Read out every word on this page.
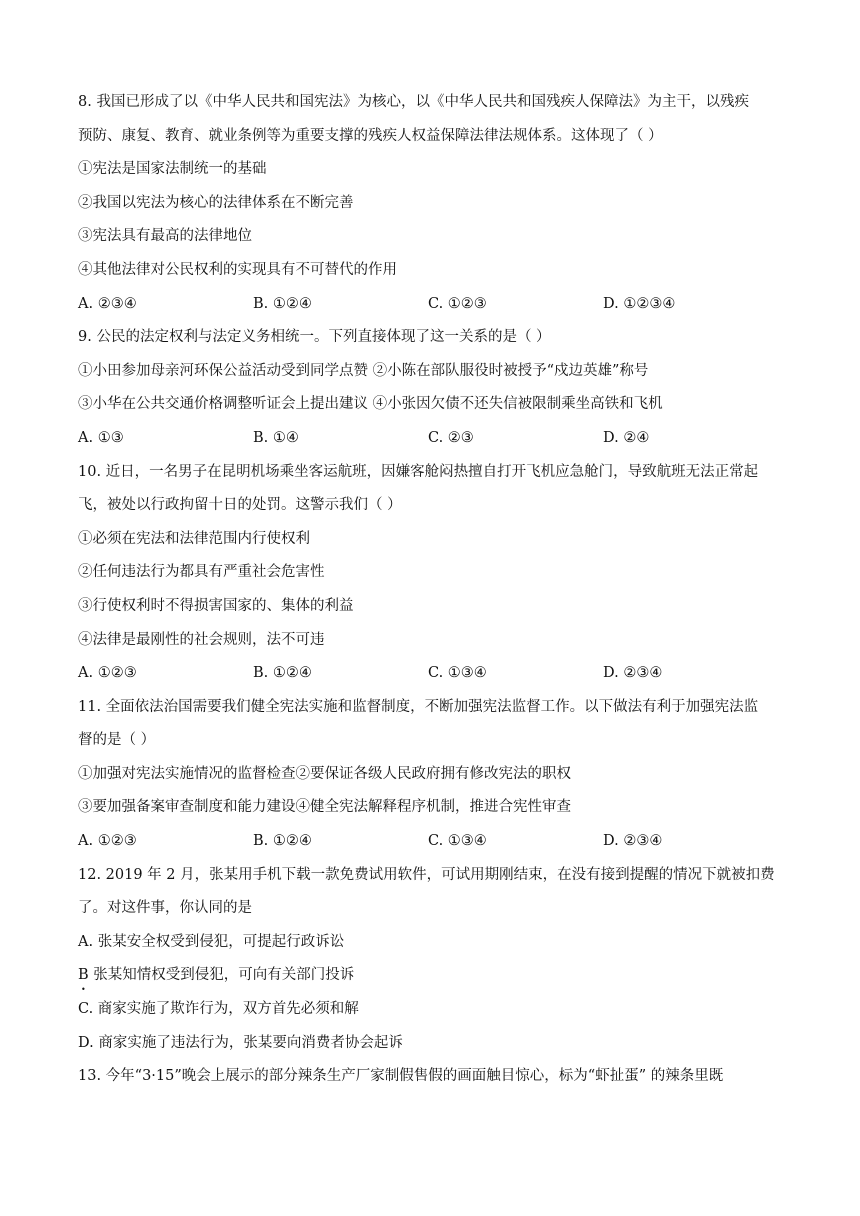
8. 我国已形成了以《中华人民共和国宪法》为核心，以《中华人民共和国残疾人保障法》为主干，以残疾
预防、康复、教育、就业条例等为重要支撑的残疾人权益保障法律法规体系。这体现了（ ）
①宪法是国家法制统一的基础
②我国以宪法为核心的法律体系在不断完善
③宪法具有最高的法律地位
④其他法律对公民权利的实现具有不可替代的作用
A. ②③④	B. ①②④	C. ①②③	D. ①②③④
9. 公民的法定权利与法定义务相统一。下列直接体现了这一关系的是（ ）
①小田参加母亲河环保公益活动受到同学点赞 ②小陈在部队服役时被授予“戍边英雄”称号
③小华在公共交通价格调整听证会上提出建议 ④小张因欠债不还失信被限制乘坐高铁和飞机
A. ①③	B. ①④	C. ②③	D. ②④
10. 近日，一名男子在昆明机场乘坐客运航班，因嫌客舱闷热擅自打开飞机应急舱门，导致航班无法正常起
飞，被处以行政拘留十日的处罚。这警示我们（ ）
①必须在宪法和法律范围内行使权利
②任何违法行为都具有严重社会危害性
③行使权利时不得损害国家的、集体的利益
④法律是最刚性的社会规则，法不可违
A. ①②③	B. ①②④	C. ①③④	D. ②③④
11. 全面依法治国需要我们健全宪法实施和监督制度，不断加强宪法监督工作。以下做法有利于加强宪法监
督的是（ ）
①加强对宪法实施情况的监督检查②要保证各级人民政府拥有修改宪法的职权
③要加强备案审查制度和能力建设④健全宪法解释程序机制，推进合宪性审查
A. ①②③	B. ①②④	C. ①③④	D. ②③④
12. 2019 年 2 月，张某用手机下载一款免费试用软件，可试用期刚结束，在没有接到提醒的情况下就被扣费
了。对这件事，你认同的是
A. 张某安全权受到侵犯，可提起行政诉讼
B 张某知情权受到侵犯，可向有关部门投诉 •
C. 商家实施了欺诈行为，双方首先必须和解
D. 商家实施了违法行为，张某要向消费者协会起诉
13. 今年“3·15”晚会上展示的部分辣条生产厂家制假售假的画面触目惊心，标为“虾扯蛋” 的辣条里既
